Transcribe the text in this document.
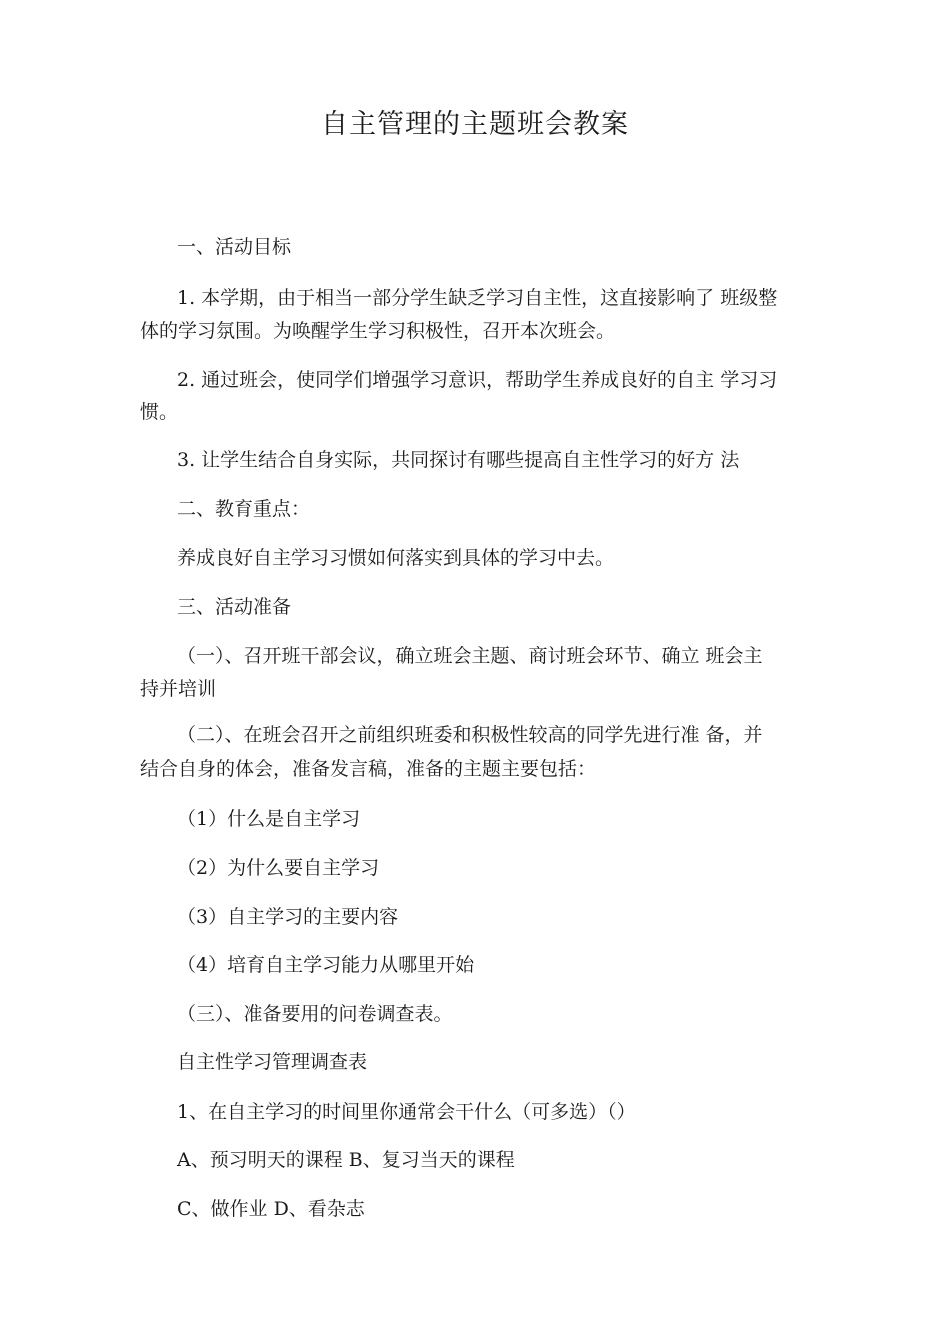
自主管理的主题班会教案
一、活动目标
1. 本学期，由于相当一部分学生缺乏学习自主性，这直接影响了 班级整
体的学习氛围。为唤醒学生学习积极性，召开本次班会。
2. 通过班会，使同学们增强学习意识，帮助学生养成良好的自主 学习习
惯。
3. 让学生结合自身实际，共同探讨有哪些提高自主性学习的好方 法
二、教育重点：
养成良好自主学习习惯如何落实到具体的学习中去。
三、活动准备
（一）、召开班干部会议，确立班会主题、商讨班会环节、确立 班会主
持并培训
（二）、在班会召开之前组织班委和积极性较高的同学先进行准 备，并
结合自身的体会，准备发言稿，准备的主题主要包括：
（1）什么是自主学习
（2）为什么要自主学习
（3）自主学习的主要内容
（4）培育自主学习能力从哪里开始
（三）、准备要用的问卷调查表。
自主性学习管理调查表
1、在自主学习的时间里你通常会干什么（可多选）（）
A、预习明天的课程 B、复习当天的课程
C、做作业 D、看杂志
